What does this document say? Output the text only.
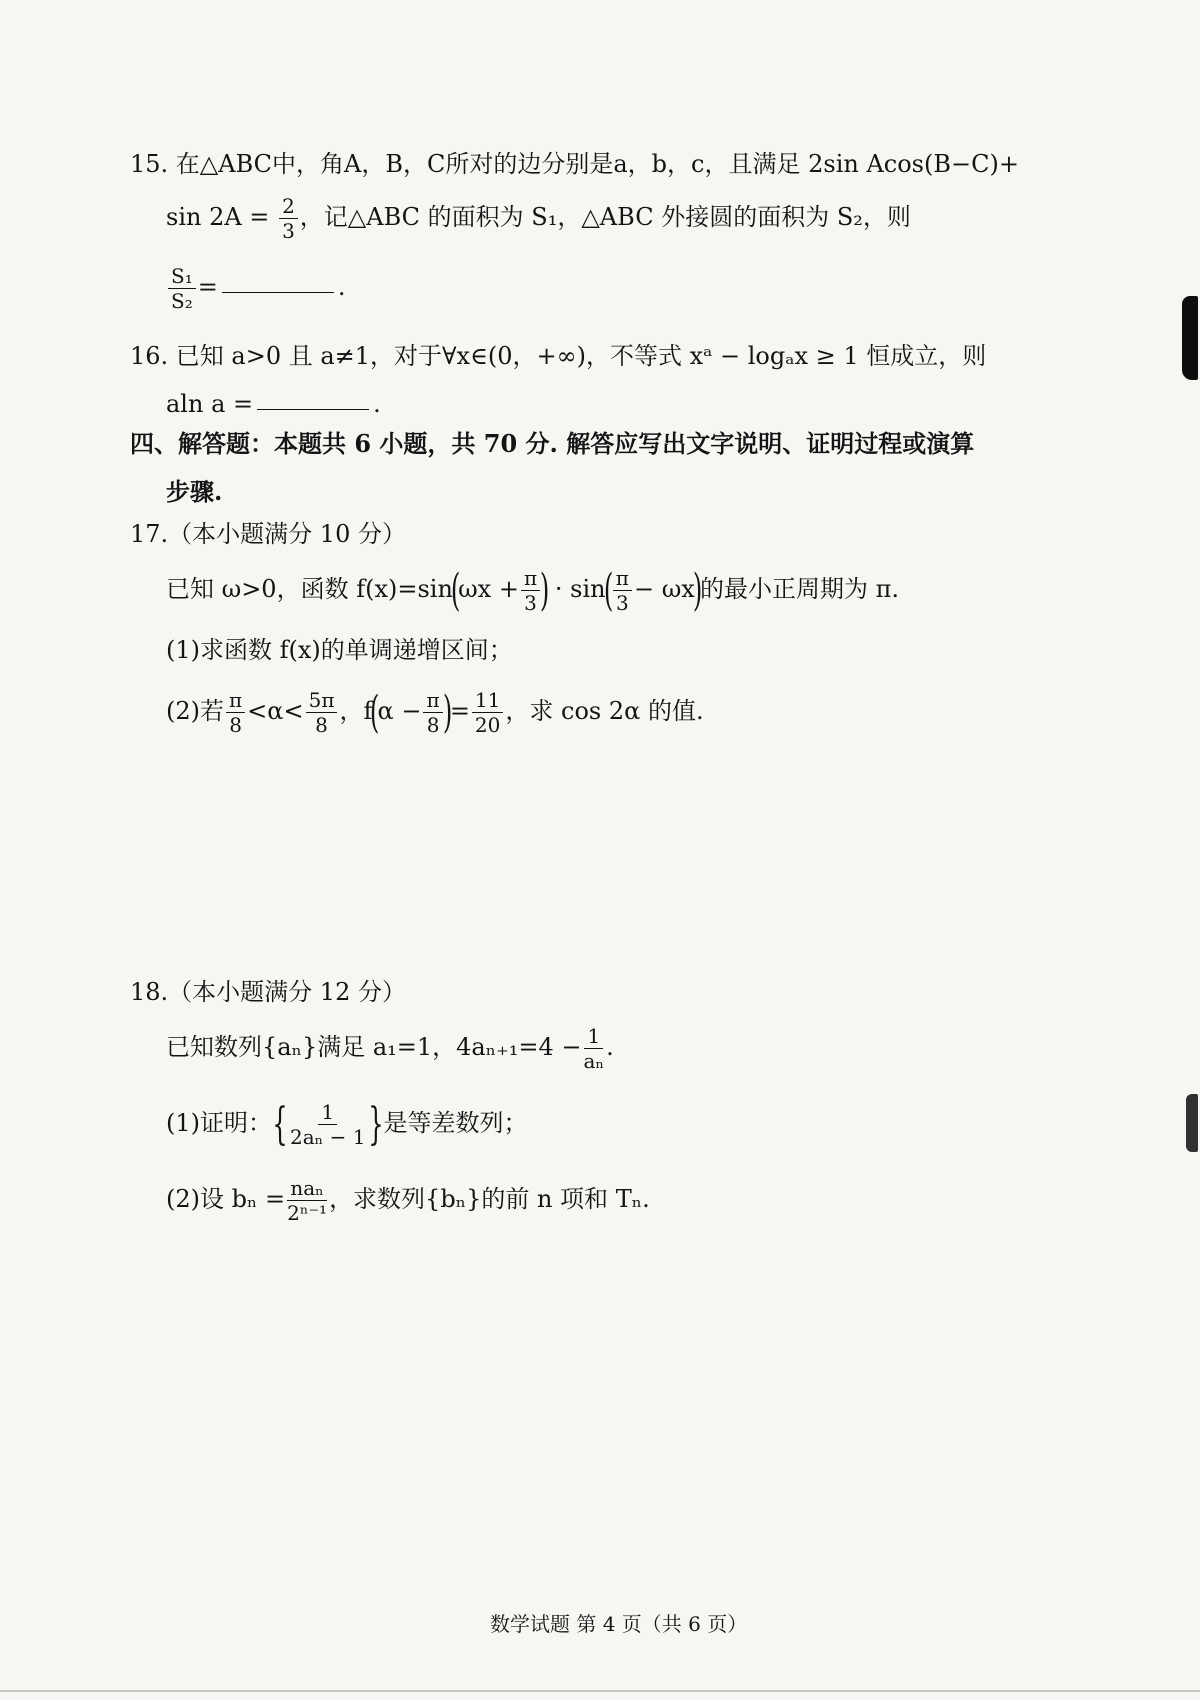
15. 在△ABC中，角A，B，C所对的边分别是a，b，c，且满足 2sin Acos(B−C)+
$\sin 2A = \frac{2}{3}$ ，记△ABC 的面积为 S₁，△ABC 外接圆的面积为 S₂，则
$\frac{\text{S₁}}{\text{S₂}}$ =	.
16. 已知 a>0 且 a≠1，对于∀x∈(0，+∞)，不等式 xᵃ − logₐx ≥ 1 恒成立，则
aln a =	.
四、解答题：本题共 6 小题，共 70 分. 解答应写出文字说明、证明过程或演算
步骤.
17.（本小题满分 10 分）
已知 ω>0，函数 $f(x)=\sin(\omega x + \frac{\pi}{3}$ ) · $\sin( \frac{\pi}{3} - \omega x)$的最小正周期为 π.
(1)求函数 f(x)的单调递增区间；
(2)若 $\frac{\pi}{8} <\alpha< \frac{5\pi}{8}$ ，$f(\alpha - \frac{\pi}{8}$ )= $\frac{11}{20}$ ，求 cos 2α 的值.
18.（本小题满分 12 分）
已知数列{aₙ}满足 a₁=1，$4a_{n+1}=4 - \frac{1}{\text{aₙ}}$ .
(1)证明：{ $\frac{1}{\text{2aₙ − 1}}$ }是等差数列；
(2)设 $b_n = \frac{\text{naₙ}}{\text{2ⁿ⁻¹}}$ ，求数列{bₙ}的前 n 项和 Tₙ.
数学试题 第 4 页（共 6 页）
